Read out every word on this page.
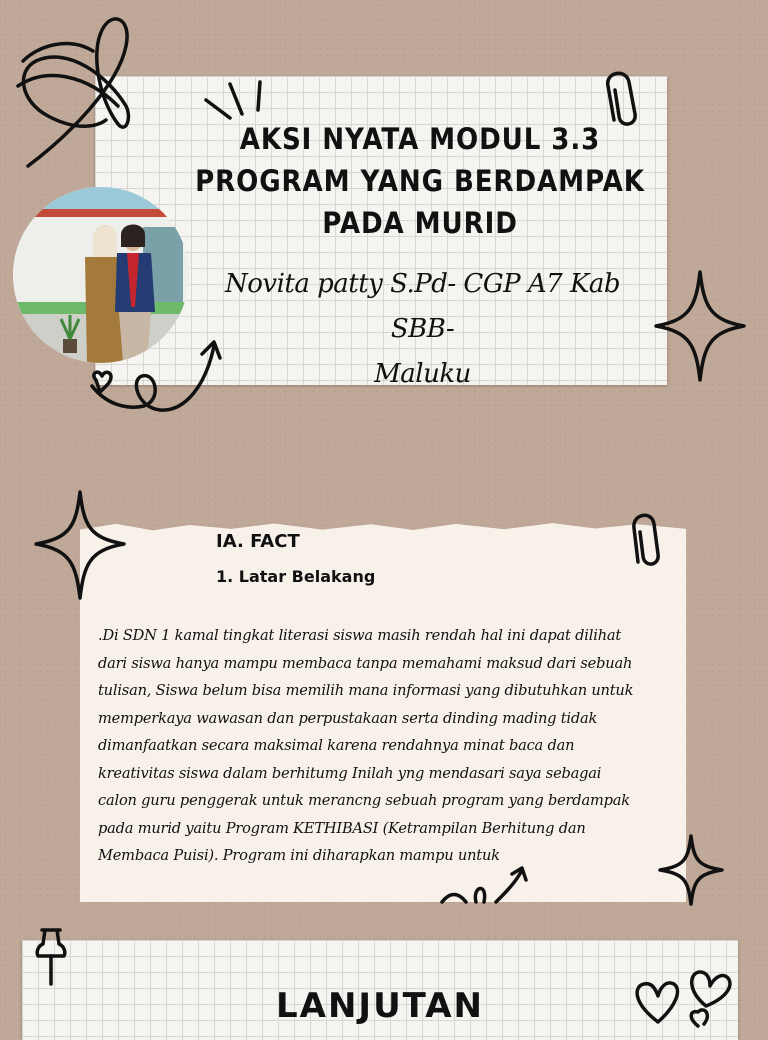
AKSI NYATA MODUL 3.3
PROGRAM YANG BERDAMPAK
PADA MURID
Novita patty S.Pd- CGP A7 Kab SBB-
Maluku
IA. FACT
1. Latar Belakang
.Di SDN 1 kamal tingkat literasi siswa masih rendah hal ini dapat dilihat
dari siswa hanya mampu membaca tanpa memahami maksud dari sebuah
tulisan, Siswa belum bisa memilih mana informasi yang dibutuhkan untuk
memperkaya wawasan dan perpustakaan serta dinding mading tidak
dimanfaatkan secara maksimal karena rendahnya minat baca dan
kreativitas siswa dalam berhitumg Inilah yng mendasari saya sebagai
calon guru penggerak untuk merancng sebuah program yang berdampak
pada murid yaitu Program KETHIBASI (Ketrampilan Berhitung dan
Membaca Puisi). Program ini diharapkan mampu untuk
LANJUTAN
